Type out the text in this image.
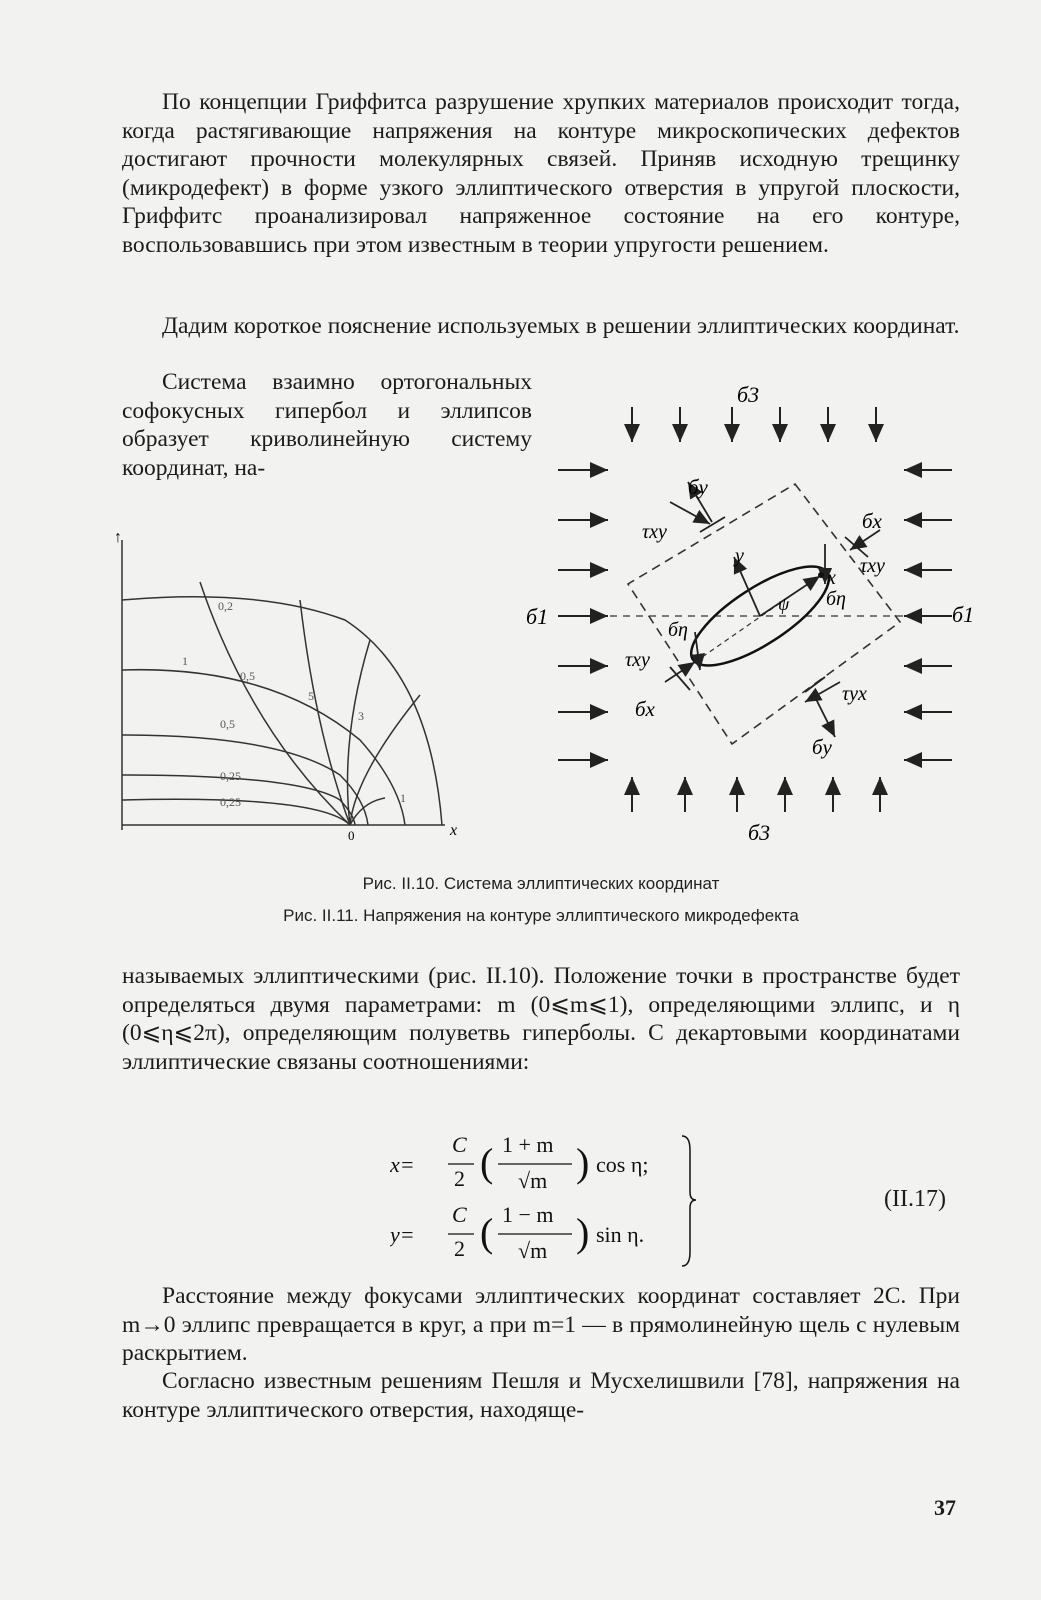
По концепции Гриффитса разрушение хрупких материалов происходит тогда, когда растягивающие напряжения на контуре микроскопических дефектов достигают прочности молекулярных связей. Приняв исходную трещинку (микродефект) в форме узкого эллиптического отверстия в упругой плоскости, Гриффитс проанализировал напряженное состояние на его контуре, воспользовавшись при этом известным в теории упругости решением.

Дадим короткое пояснение используемых в решении эллиптических координат.

Система взаимно ортогональных софокусных гипербол и эллипсов образует криволинейную систему координат, на-

↑
x
0
0,2
1
0,5
5
0,5
3
0,25
0,25	1
б3
б3
б1	б1
бy
бy
бx
бx
τxy
τxy
τxy
τyx
y
x
бη
бη
ψ
Рис. II.10. Система эллиптических координат
Рис. II.11. Напряжения на контуре эллиптического микродефекта

называемых эллиптическими (рис. II.10). Положение точки в пространстве будет определяться двумя параметрами: m (0⩽m⩽1), определяющими эллипс, и η (0⩽η⩽2π), определяющим полуветвь гиперболы. С декартовыми координатами эллиптические связаны соотношениями:

x=
C
2 ( 1 + m
√m ) cos η;
y=
C
2 ( 1 − m
√m ) sin η.
(II.17)

Расстояние между фокусами эллиптических координат составляет 2C. При m→0 эллипс превращается в круг, а при m=1 — в прямолинейную щель с нулевым раскрытием.

Согласно известным решениям Пешля и Мусхелишвили [78], напряжения на контуре эллиптического отверстия, находяще-

37
